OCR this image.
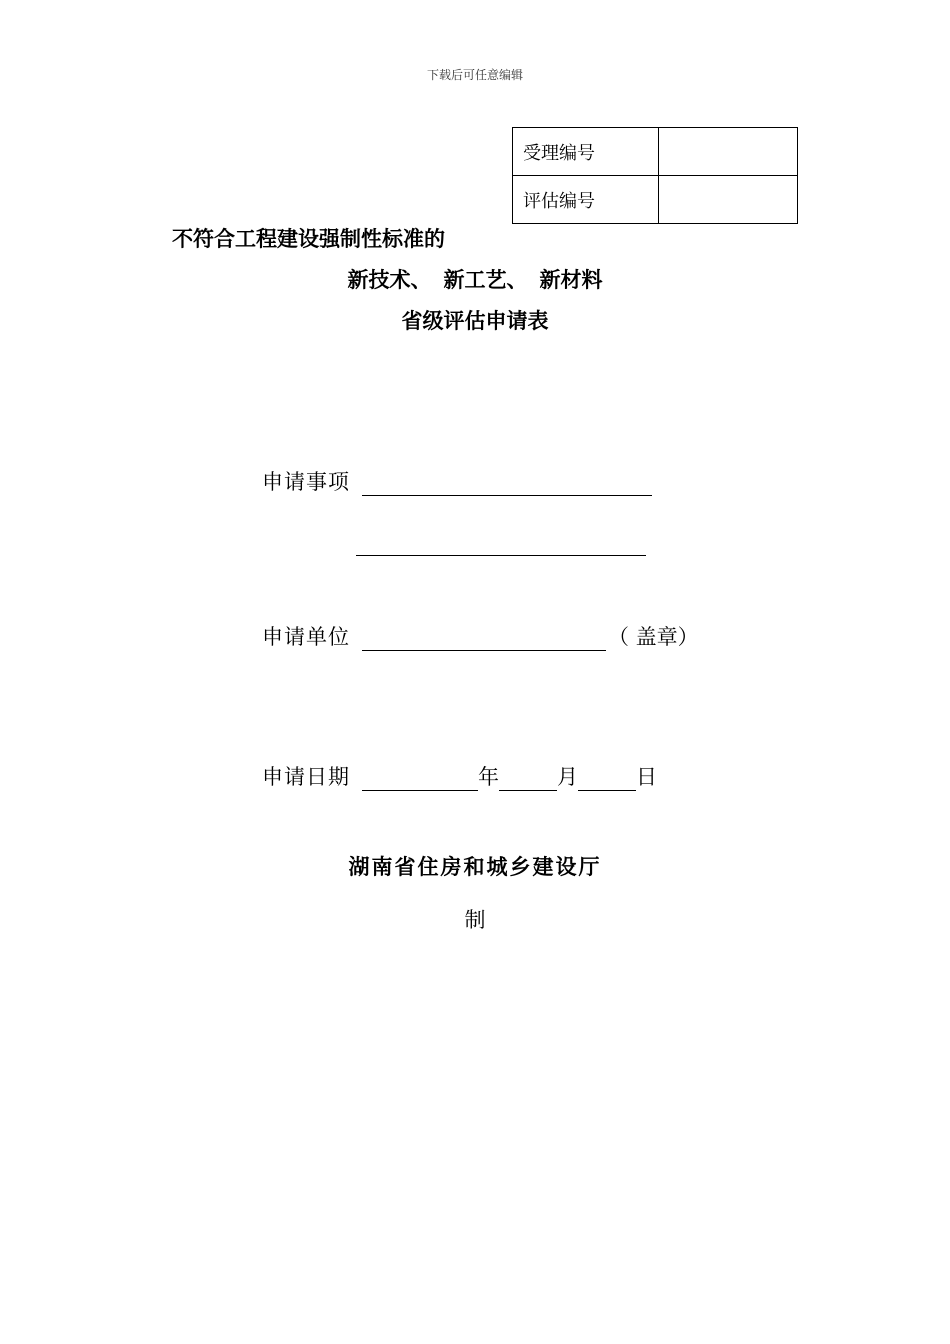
下载后可任意编辑
受理编号	
评估编号	
不符合工程建设强制性标准的
新技术、 新工艺、 新材料
省级评估申请表
申请事项
申请单位	（ 盖章）
申请日期	年	月	日
湖南省住房和城乡建设厅
制
